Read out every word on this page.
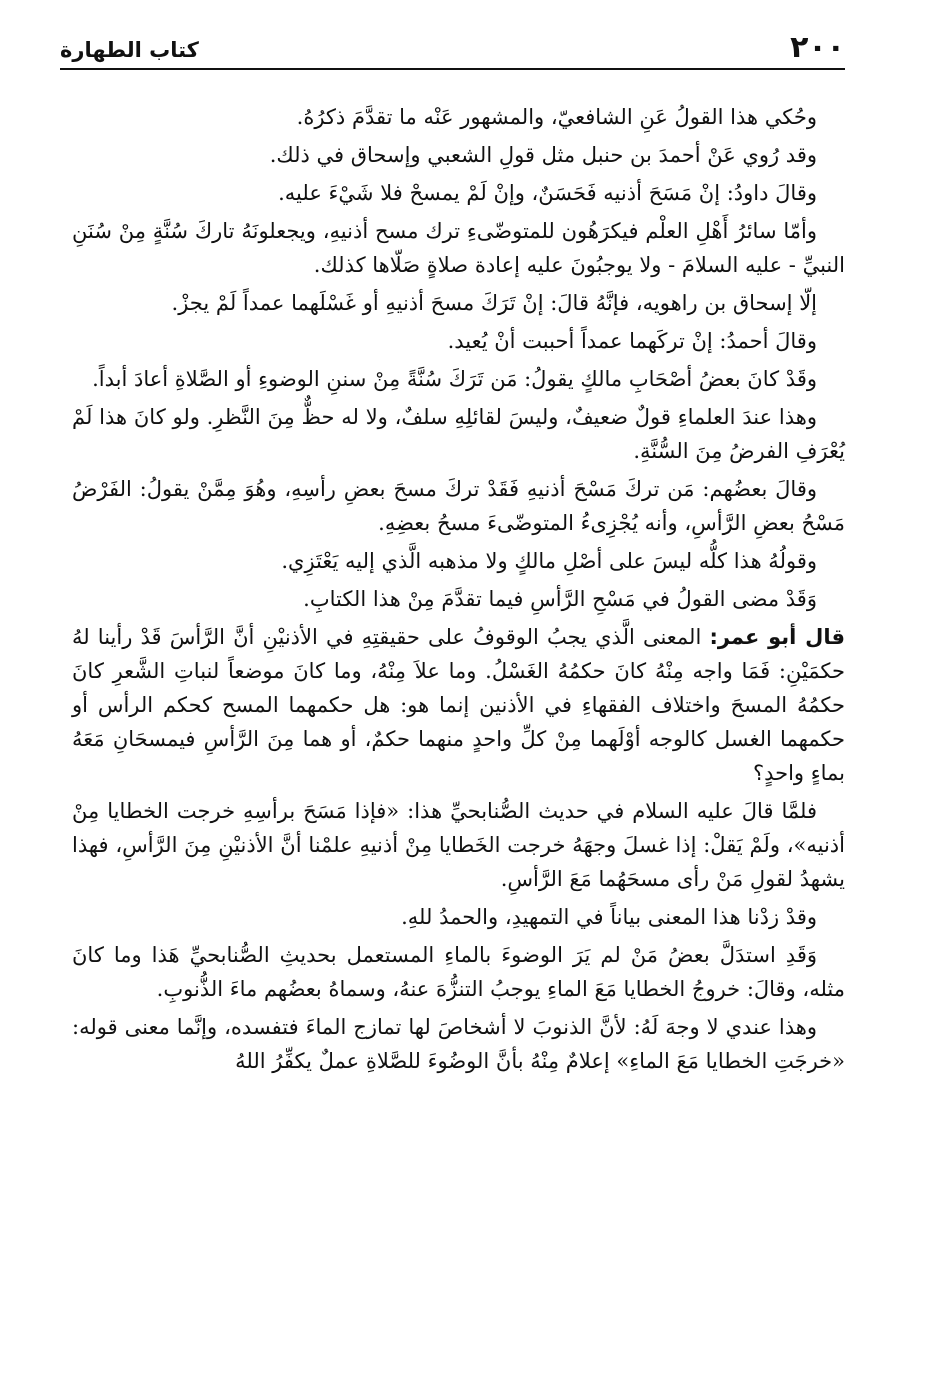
٢٠٠
كتاب الطهارة

وحُكي هذا القولُ عَنِ الشافعيّ، والمشهور عَنْه ما تقدَّمَ ذكرُهُ.

وقد رُوي عَنْ أحمدَ بن حنبل مثل قولِ الشعبي وإسحاق في ذلك.

وقالَ داودُ: إنْ مَسَحَ أذنيه فَحَسَنٌ، وإنْ لَمْ يمسحْ فلا شَيْءَ عليه.

وأمّا سائرُ أَهْلِ العلْم فيكرَهُون للمتوضّىءِ ترك مسح أذنيهِ، ويجعلونَهُ تاركَ سُنَّةٍ مِنْ سُنَنِ النبيِّ - عليه السلامَ - ولا يوجبُونَ عليه إعادة صلاةٍ صَلّاها كذلك.

إلّا إسحاق بن راهويه، فإنَّهُ قالَ: إنْ تَرَكَ مسحَ أذنيهِ أو غَسْلَهما عمداً لَمْ يجزْ.

وقالَ أحمدُ: إنْ تركَهما عمداً أحببت أنْ يُعيد.

وقَدْ كانَ بعضُ أصْحَابِ مالكٍ يقولُ: مَن تَرَكَ سُنَّةً مِنْ سننِ الوضوءِ أو الصَّلاةِ أعادَ أبداً.

وهذا عندَ العلماءِ قولٌ ضعيفٌ، وليسَ لقائلِهِ سلفٌ، ولا له حظٌّ مِنَ النَّظرِ. ولو كانَ هذا لَمْ يُعْرَفِ الفرضُ مِنَ السُّنَّةِ.

وقالَ بعضُهم: مَن تركَ مَسْحَ أذنيهِ فَقَدْ تركَ مسحَ بعضِ رأسِهِ، وهُوَ مِمَّنْ يقولُ: الفَرْضُ مَسْحُ بعضِ الرَّأسِ، وأنه يُجْزِىءُ المتوضّىءَ مسحُ بعضِهِ.

وقولُهُ هذا كلُّه ليسَ على أصْلِ مالكٍ ولا مذهبه الَّذي إليه يَعْتَزِي.

وَقَدْ مضى القولُ في مَسْحِ الرَّأسِ فيما تقدَّمَ مِنْ هذا الكتابِ.

قال أبو عمر: المعنى الَّذي يجبُ الوقوفُ على حقيقتِهِ في الأذنيْنِ أنَّ الرَّأسَ قَدْ رأينا لهُ حكمَيْنِ: فَمَا واجه مِنْهُ كانَ حكمُهُ الغَسْلُ. وما علاَ مِنْهُ، وما كانَ موضعاً لنباتِ الشَّعرِ كانَ حكمُهُ المسحَ واختلاف الفقهاءِ في الأذنين إنما هو: هل حكمهما المسح كحكم الرأس أو حكمهما الغسل كالوجه أوْلَهما مِنْ كلِّ واحدٍ منهما حكمٌ، أو هما مِنَ الرَّأسِ فيمسحَانِ مَعَهُ بماءٍ واحدٍ؟

فلمَّا قالَ عليه السلام في حديث الصُّنابحيِّ هذا: «فإذا مَسَحَ برأسِهِ خرجت الخطايا مِنْ أذنيه»، ولَمْ يَقلْ: إذا غسلَ وجهَهُ خرجت الخَطايا مِنْ أذنيهِ علمْنا أنَّ الأذنيْنِ مِنَ الرَّأسِ، فهذا يشهدُ لقولِ مَنْ رأى مسحَهُما مَعَ الرَّأسِ.

وقدْ زدْنا هذا المعنى بياناً في التمهيدِ، والحمدُ للهِ.

وَقَدِ استدَلَّ بعضُ مَنْ لم يَرَ الوضوءَ بالماءِ المستعمل بحديثِ الصُّنابحيِّ هَذا وما كانَ مثله، وقالَ: خروجُ الخطايا مَعَ الماءِ يوجبُ التنزُّهَ عنهُ، وسماهُ بعضُهم ماءَ الذُّنوبِ.

وهذا عندي لا وجهَ لَهُ: لأنَّ الذنوبَ لا أشخاصَ لها تمازج الماءَ فتفسده، وإنَّما معنى قوله: «خرجَتِ الخطايا مَعَ الماءِ» إعلامٌ مِنْهُ بأنَّ الوضُوءَ للصَّلاةِ عملٌ يكفِّرُ اللهُ
